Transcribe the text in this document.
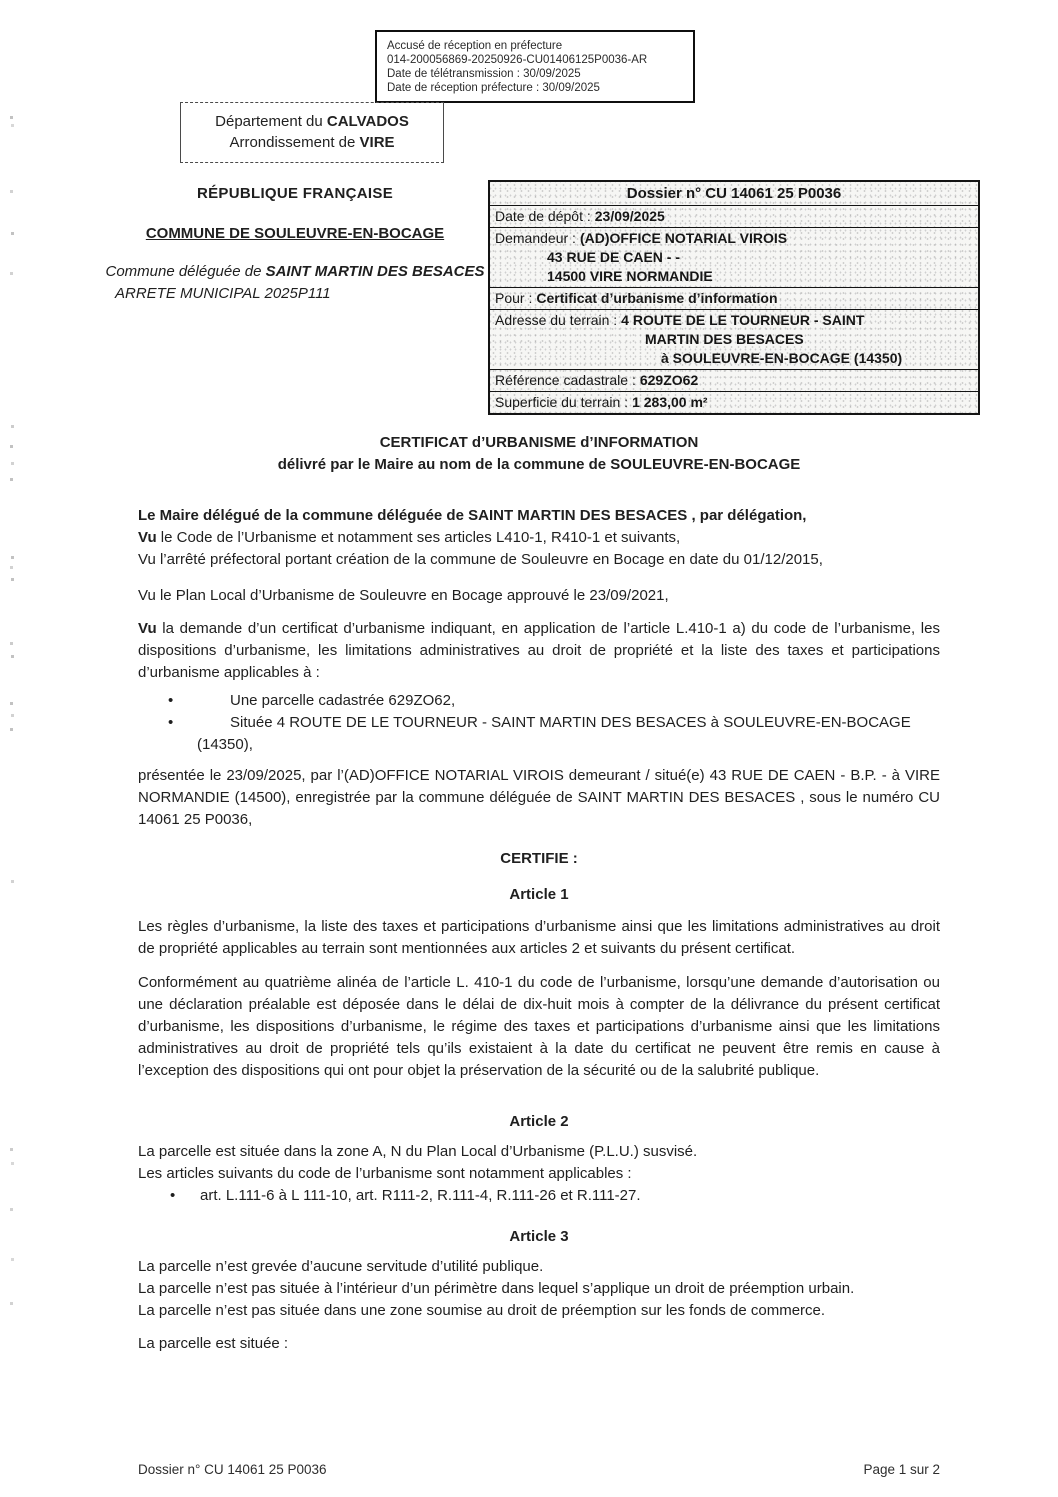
Accusé de réception en préfecture
014-200056869-20250926-CU01406125P0036-AR
Date de télétransmission : 30/09/2025
Date de réception préfecture : 30/09/2025
Département du CALVADOS
Arrondissement de VIRE
RÉPUBLIQUE FRANÇAISE
COMMUNE DE SOULEUVRE-EN-BOCAGE
Commune déléguée de SAINT MARTIN DES BESACES
ARRETE MUNICIPAL 2025P111
Dossier n° CU 14061 25 P0036
Date de dépôt : 23/09/2025
Demandeur : (AD)OFFICE NOTARIAL VIROIS
43 RUE DE CAEN - -
14500 VIRE NORMANDIE
Pour : Certificat d’urbanisme d’information
Adresse du terrain : 4 ROUTE DE LE TOURNEUR - SAINT
MARTIN DES BESACES
à SOULEUVRE-EN-BOCAGE (14350)
Référence cadastrale : 629ZO62
Superficie du terrain : 1 283,00 m²
CERTIFICAT d’URBANISME d’INFORMATION
délivré par le Maire au nom de la commune de SOULEUVRE-EN-BOCAGE
Le Maire délégué de la commune déléguée de SAINT MARTIN DES BESACES , par délégation,
Vu le Code de l’Urbanisme et notamment ses articles L410-1, R410-1 et suivants,
Vu l’arrêté préfectoral portant création de la commune de Souleuvre en Bocage en date du 01/12/2015,
Vu le Plan Local d’Urbanisme de Souleuvre en Bocage approuvé le 23/09/2021,
Vu la demande d’un certificat d’urbanisme indiquant, en application de l’article L.410-1 a) du code de l’urbanisme, les dispositions d’urbanisme, les limitations administratives au droit de propriété et la liste des taxes et participations d’urbanisme applicables à :
• Une parcelle cadastrée 629ZO62,
• Située 4 ROUTE DE LE TOURNEUR - SAINT MARTIN DES BESACES à SOULEUVRE-EN-BOCAGE (14350),
présentée le 23/09/2025, par l’(AD)OFFICE NOTARIAL VIROIS demeurant / situé(e) 43 RUE DE CAEN - B.P. - à VIRE NORMANDIE (14500), enregistrée par la commune déléguée de SAINT MARTIN DES BESACES , sous le numéro CU 14061 25 P0036,
CERTIFIE :
Article 1
Les règles d’urbanisme, la liste des taxes et participations d’urbanisme ainsi que les limitations administratives au droit de propriété applicables au terrain sont mentionnées aux articles 2 et suivants du présent certificat.
Conformément au quatrième alinéa de l’article L. 410-1 du code de l’urbanisme, lorsqu’une demande d’autorisation ou une déclaration préalable est déposée dans le délai de dix-huit mois à compter de la délivrance du présent certificat d’urbanisme, les dispositions d’urbanisme, le régime des taxes et participations d’urbanisme ainsi que les limitations administratives au droit de propriété tels qu’ils existaient à la date du certificat ne peuvent être remis en cause à l’exception des dispositions qui ont pour objet la préservation de la sécurité ou de la salubrité publique.
Article 2
La parcelle est située dans la zone A, N du Plan Local d’Urbanisme (P.L.U.) susvisé.
Les articles suivants du code de l’urbanisme sont notamment applicables :
• art. L.111-6 à L 111-10, art. R111-2, R.111-4, R.111-26 et R.111-27.
Article 3
La parcelle n’est grevée d’aucune servitude d’utilité publique.
La parcelle n’est pas située à l’intérieur d’un périmètre dans lequel s’applique un droit de préemption urbain.
La parcelle n’est pas située dans une zone soumise au droit de préemption sur les fonds de commerce.
La parcelle est située :
Dossier n° CU 14061 25 P0036	Page 1 sur 2
